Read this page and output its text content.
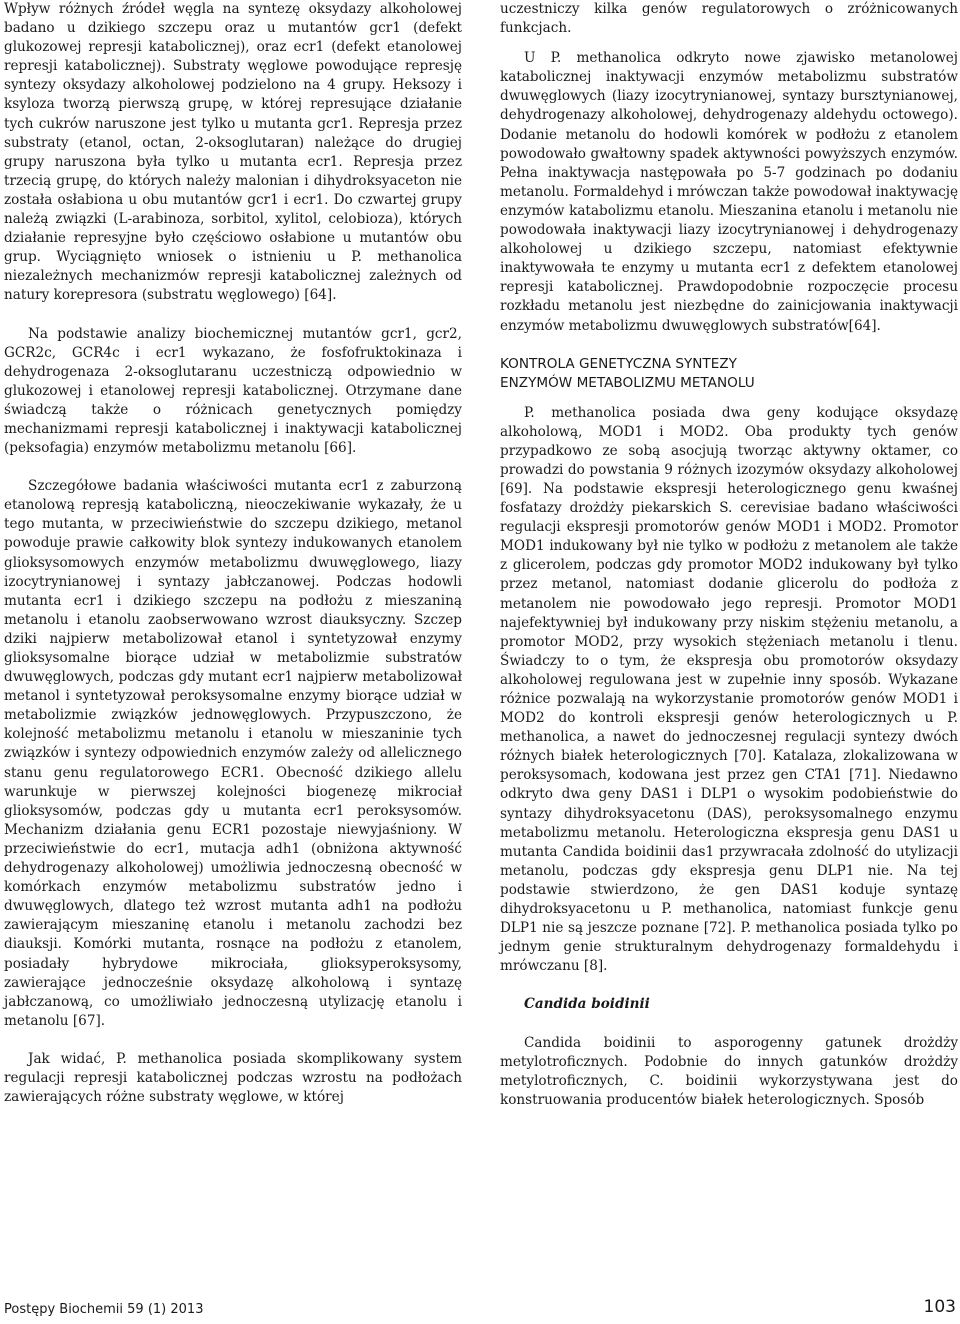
Wpływ różnych źródeł węgla na syntezę oksydazy alkoholowej badano u dzikiego szczepu oraz u mutantów gcr1 (defekt glukozowej represji katabolicznej), oraz ecr1 (defekt etanolowej represji katabolicznej). Substraty węglowe powodujące represję syntezy oksydazy alkoholowej podzielono na 4 grupy. Heksozy i ksyloza tworzą pierwszą grupę, w której represujące działanie tych cukrów naruszone jest tylko u mutanta gcr1. Represja przez substraty (etanol, octan, 2-oksoglutaran) należące do drugiej grupy naruszona była tylko u mutanta ecr1. Represja przez trzecią grupę, do których należy malonian i dihydroksyaceton nie została osłabiona u obu mutantów gcr1 i ecr1. Do czwartej grupy należą związki (L-arabinoza, sorbitol, xylitol, celobioza), których działanie represyjne było częściowo osłabione u mutantów obu grup. Wyciągnięto wniosek o istnieniu u P. methanolica niezależnych mechanizmów represji katabolicznej zależnych od natury korepresora (substratu węglowego) [64].

Na podstawie analizy biochemicznej mutantów gcr1, gcr2, GCR2c, GCR4c i ecr1 wykazano, że fosfofruktokinaza i dehydrogenaza 2-oksoglutaranu uczestniczą odpowiednio w glukozowej i etanolowej represji katabolicznej. Otrzymane dane świadczą także o różnicach genetycznych pomiędzy mechanizmami represji katabolicznej i inaktywacji katabolicznej (peksofagia) enzymów metabolizmu metanolu [66].

Szczegółowe badania właściwości mutanta ecr1 z zaburzoną etanolową represją kataboliczną, nieoczekiwanie wykazały, że u tego mutanta, w przeciwieństwie do szczepu dzikiego, metanol powoduje prawie całkowity blok syntezy indukowanych etanolem glioksysomowych enzymów metabolizmu dwuwęglowego, liazy izocytrynianowej i syntazy jabłczanowej. Podczas hodowli mutanta ecr1 i dzikiego szczepu na podłożu z mieszaniną metanolu i etanolu zaobserwowano wzrost diauksyczny. Szczep dziki najpierw metabolizował etanol i syntetyzował enzymy glioksysomalne biorące udział w metabolizmie substratów dwuwęglowych, podczas gdy mutant ecr1 najpierw metabolizował metanol i syntetyzował peroksysomalne enzymy biorące udział w metabolizmie związków jednowęglowych. Przypuszczono, że kolejność metabolizmu metanolu i etanolu w mieszaninie tych związków i syntezy odpowiednich enzymów zależy od allelicznego stanu genu regulatorowego ECR1. Obecność dzikiego allelu warunkuje w pierwszej kolejności biogenezę mikrociał glioksysomów, podczas gdy u mutanta ecr1 peroksysomów. Mechanizm działania genu ECR1 pozostaje niewyjaśniony. W przeciwieństwie do ecr1, mutacja adh1 (obniżona aktywność dehydrogenazy alkoholowej) umożliwia jednoczesną obecność w komórkach enzymów metabolizmu substratów jedno i dwuwęglowych, dlatego też wzrost mutanta adh1 na podłożu zawierającym mieszaninę etanolu i metanolu zachodzi bez diauksji. Komórki mutanta, rosnące na podłożu z etanolem, posiadały hybrydowe mikrociała, glioksyperoksysomy, zawierające jednocześnie oksydazę alkoholową i syntazę jabłczanową, co umożliwiało jednoczesną utylizację etanolu i metanolu [67].

Jak widać, P. methanolica posiada skomplikowany system regulacji represji katabolicznej podczas wzrostu na podłożach zawierających różne substraty węglowe, w której

uczestniczy kilka genów regulatorowych o zróżnicowanych funkcjach.

U P. methanolica odkryto nowe zjawisko metanolowej katabolicznej inaktywacji enzymów metabolizmu substratów dwuwęglowych (liazy izocytrynianowej, syntazy bursztynianowej, dehydrogenazy alkoholowej, dehydrogenazy aldehydu octowego). Dodanie metanolu do hodowli komórek w podłożu z etanolem powodowało gwałtowny spadek aktywności powyższych enzymów. Pełna inaktywacja następowała po 5-7 godzinach po dodaniu metanolu. Formaldehyd i mrówczan także powodował inaktywację enzymów katabolizmu etanolu. Mieszanina etanolu i metanolu nie powodowała inaktywacji liazy izocytrynianowej i dehydrogenazy alkoholowej u dzikiego szczepu, natomiast efektywnie inaktywowała te enzymy u mutanta ecr1 z defektem etanolowej represji katabolicznej. Prawdopodobnie rozpoczęcie procesu rozkładu metanolu jest niezbędne do zainicjowania inaktywacji enzymów metabolizmu dwuwęglowych substratów[64].

KONTROLA GENETYCZNA SYNTEZY
ENZYMÓW METABOLIZMU METANOLU

P. methanolica posiada dwa geny kodujące oksydazę alkoholową, MOD1 i MOD2. Oba produkty tych genów przypadkowo ze sobą asocjują tworząc aktywny oktamer, co prowadzi do powstania 9 różnych izozymów oksydazy alkoholowej [69]. Na podstawie ekspresji heterologicznego genu kwaśnej fosfatazy drożdży piekarskich S. cerevisiae badano właściwości regulacji ekspresji promotorów genów MOD1 i MOD2. Promotor MOD1 indukowany był nie tylko w podłożu z metanolem ale także z glicerolem, podczas gdy promotor MOD2 indukowany był tylko przez metanol, natomiast dodanie glicerolu do podłoża z metanolem nie powodowało jego represji. Promotor MOD1 najefektywniej był indukowany przy niskim stężeniu metanolu, a promotor MOD2, przy wysokich stężeniach metanolu i tlenu. Świadczy to o tym, że ekspresja obu promotorów oksydazy alkoholowej regulowana jest w zupełnie inny sposób. Wykazane różnice pozwalają na wykorzystanie promotorów genów MOD1 i MOD2 do kontroli ekspresji genów heterologicznych u P. methanolica, a nawet do jednoczesnej regulacji syntezy dwóch różnych białek heterologicznych [70]. Katalaza, zlokalizowana w peroksysomach, kodowana jest przez gen CTA1 [71]. Niedawno odkryto dwa geny DAS1 i DLP1 o wysokim podobieństwie do syntazy dihydroksyacetonu (DAS), peroksysomalnego enzymu metabolizmu metanolu. Heterologiczna ekspresja genu DAS1 u mutanta Candida boidinii das1 przywracała zdolność do utylizacji metanolu, podczas gdy ekspresja genu DLP1 nie. Na tej podstawie stwierdzono, że gen DAS1 koduje syntazę dihydroksyacetonu u P. methanolica, natomiast funkcje genu DLP1 nie są jeszcze poznane [72]. P. methanolica posiada tylko po jednym genie strukturalnym dehydrogenazy formaldehydu i mrówczanu [8].

Candida boidinii

Candida boidinii to asporogenny gatunek drożdży metylotroficznych. Podobnie do innych gatunków drożdży metylotroficznych, C. boidinii wykorzystywana jest do konstruowania producentów białek heterologicznych. Sposób

Postępy Biochemii 59 (1) 2013	103
